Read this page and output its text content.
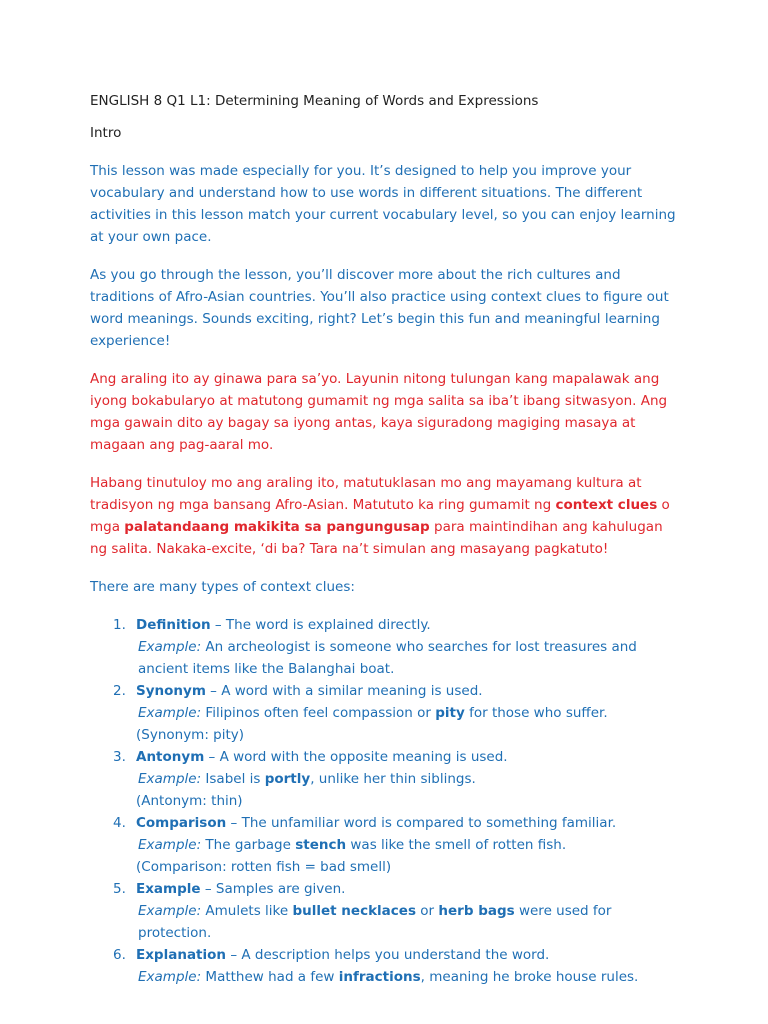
ENGLISH 8 Q1 L1: Determining Meaning of Words and Expressions
Intro

This lesson was made especially for you. It’s designed to help you improve your vocabulary and understand how to use words in different situations. The different activities in this lesson match your current vocabulary level, so you can enjoy learning at your own pace.

As you go through the lesson, you’ll discover more about the rich cultures and traditions of Afro-Asian countries. You’ll also practice using context clues to figure out word meanings. Sounds exciting, right? Let’s begin this fun and meaningful learning experience!

Ang araling ito ay ginawa para sa’yo. Layunin nitong tulungan kang mapalawak ang iyong bokabularyo at matutong gumamit ng mga salita sa iba’t ibang sitwasyon. Ang mga gawain dito ay bagay sa iyong antas, kaya siguradong magiging masaya at magaan ang pag-aaral mo.

Habang tinutuloy mo ang araling ito, matutuklasan mo ang mayamang kultura at tradisyon ng mga bansang Afro-Asian. Matututo ka ring gumamit ng context clues o mga palatandaang makikita sa pangungusap para maintindihan ang kahulugan ng salita. Nakaka-excite, ‘di ba? Tara na’t simulan ang masayang pagkatuto!

There are many types of context clues:
1. Definition – The word is explained directly.
Example: An archeologist is someone who searches for lost treasures and ancient items like the Balanghai boat.
2. Synonym – A word with a similar meaning is used.
Example: Filipinos often feel compassion or pity for those who suffer.
(Synonym: pity)
3. Antonym – A word with the opposite meaning is used.
Example: Isabel is portly, unlike her thin siblings.
(Antonym: thin)
4. Comparison – The unfamiliar word is compared to something familiar.
Example: The garbage stench was like the smell of rotten fish.
(Comparison: rotten fish = bad smell)
5. Example – Samples are given.
Example: Amulets like bullet necklaces or herb bags were used for protection.
6. Explanation – A description helps you understand the word.
Example: Matthew had a few infractions, meaning he broke house rules.
